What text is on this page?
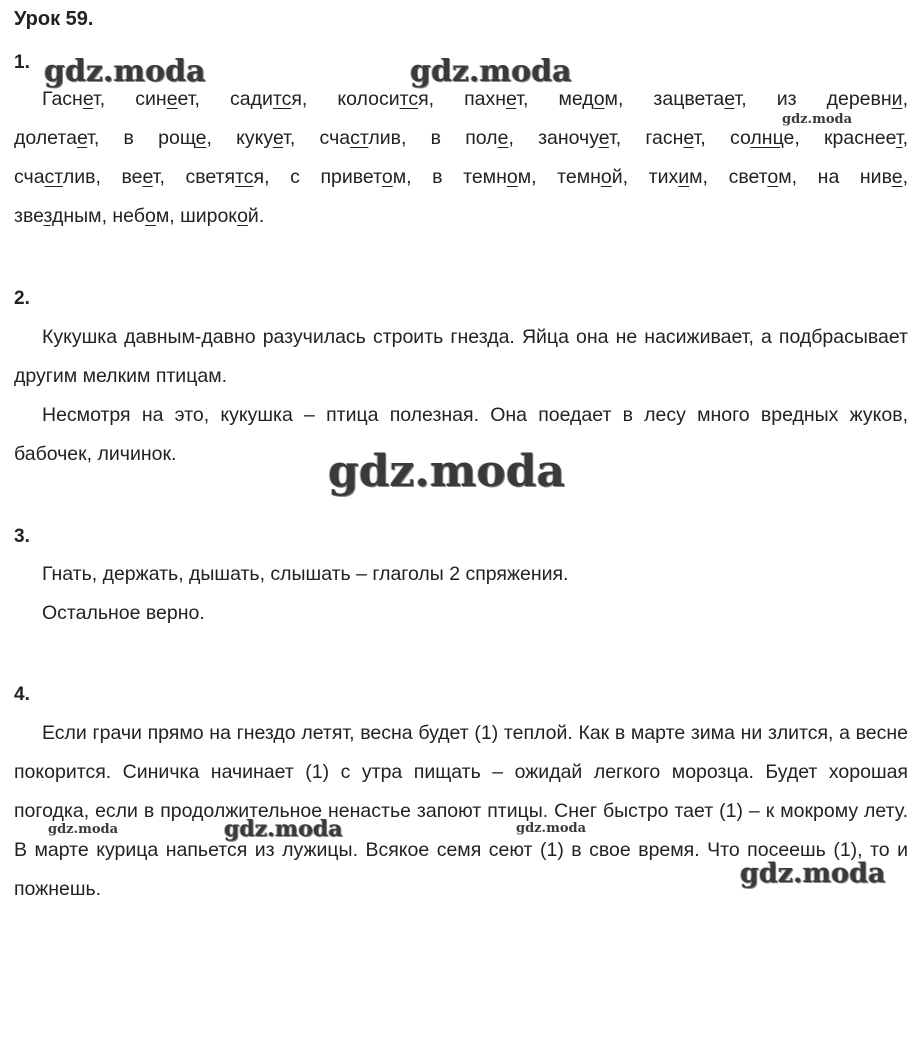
Урок 59.
1.
Гаснет, синеет, садится, колосится, пахнет, медом, зацветает, из деревни,
долетает, в роще, кукует, счастлив, в поле, заночует, гаснет, солнце, краснеет,
счастлив, веет, светятся, с приветом, в темном, темной, тихим, светом, на ниве,
звездным, небом, широкой.
2.

Кукушка давным-давно разучилась строить гнезда. Яйца она не насиживает, а подбрасывает другим мелким птицам.

Несмотря на это, кукушка – птица полезная. Она поедает в лесу много вредных жуков, бабочек, личинок.

3.

Гнать, держать, дышать, слышать – глаголы 2 спряжения.

Остальное верно.

4.

Если грачи прямо на гнездо летят, весна будет (1) теплой. Как в марте зима ни злится, а весне покорится. Синичка начинает (1) с утра пищать – ожидай легкого морозца. Будет хорошая погодка, если в продолжительное ненастье запоют птицы. Снег быстро тает (1) – к мокрому лету. В марте курица напьется из лужицы. Всякое семя сеют (1) в свое время. Что посеешь (1), то и пожнешь.

gdz.moda	gdz.moda
gdz.moda
gdz.moda
gdz.moda	gdz.moda	gdz.moda
gdz.moda
